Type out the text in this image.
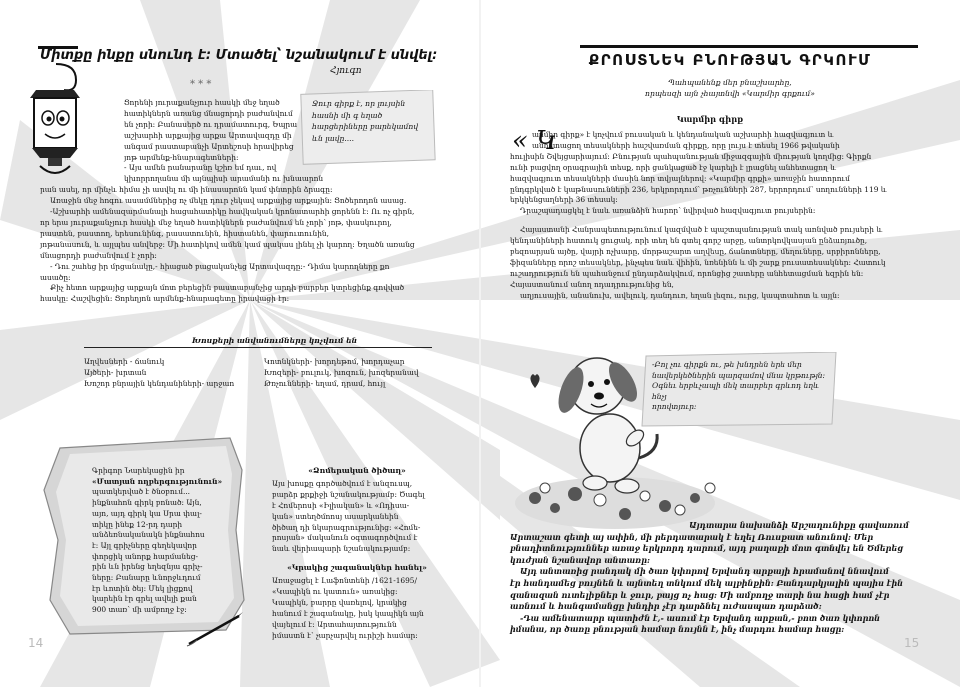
Միտքը ինքը սնունդ է։ Մտածել՝ նշանակում է սնվել։
Հյուգո
* * *
Ջուր գիրք է, որ լույսին
հասնի մի գ եղած
հարցերիները բարեկամով
ևն լավը....

Ցորենի յուրաքանչյուր հասկի մեջ եղած

հատիկներն առանց մնացորդի բաժանվում

են չորի։ Բանասերծ ու դրամատուրգ, Եպրա

աշխարհի արքայից արքա Արտավազդը մի

անգամ րաստաբանչի Արտեշոսի հրավիրեց

յոթ արմենք-հնարագետների։

- Այս ամեն րանարանը կշիռ եմ դաւ, ով

կխորրողանա մի այնպիսի արամանի ու խնաարոն

րան ասել, որ մինչև հիմա չի ասվել ու մի ինասարոնն կամ փնտրին ձրագը։

Առաջին մեջ հոգու ասամմներից ոչ մեկը դուր չեկավ արքայից արքային։ Ցոծերոդոն ասաց․

-Աշխարհի ամենազարմանալի հացահատիկը հավկական կրոնատարհի ցորենն է։ Ու ոչ գիրն,

որ երա յուրաքանչյուր հասկի մեջ եղած հատիկներն բաժանվում են չորի՝ յոթ, փասկուրոլ,

րաստեն, բաստող, երեսունինգ, րասատունին, հիստանեն, փարուտունին,

յոթանասուն, և այլպես անվերջ։ Մի հատիկով ամեն կամ պակաս լինել չի կարող։ Եղածն առանց

մնացորդի բաժանվում է չորի։

- Դու շահեց իր մրցանակը,- հիացած բացականչեց Արտավազդը։- Դիմա կարողները քո

ասածը։

Քիչ հետո արքայից արքայն մոտ բերեցին բաստաբանչից արդի բարբեր կտրեցինք գովված

հասկը։ Հաշվեցին։ Ցորեղյոն արմենք-հնարագետը իրավացի էր։

Խոսքերի անվանումները կոչվում են
Աղվեսների - ճանուկ
Այծերի- խրտան
Խոշոր բնրային կենդանիների- արջաո
Կոտնկների- խորդեթոմ, խորդաչար
Խոզերի- բուլուկ, խոզուն, խոզերանավ
Թռչունների- եղամ, դրամ, հույլ
Գրիգոր Նարեկացին իր
«Մատյան ողբերգությունուն»
պատկերված է ծնօբում...
ինքնահոն գիրկ բոնած։ Այն,
այո, այդ գիրկ կա Սրա փալ-
տիկը ինեք 12-րդ դարի
անձեռնականակն ինքնահոս
է։ Այլ գրիչները գեղեկավոր
փորցիկ անորք հարմանեց-
րին ևն իրենց եղեզնյա գրիչ-
ները։ Բանարը ևնորջևդում
էր ևոտին ծեյ։ Մեկ լիցքով
կարեին էր գրել ավելի քան
900 տառ՝ մի ամբողջ էջ։
«Ձոմերական ծիծաղ»
Այս խոսքը գործածվում է անզուսպ,
բարձր քրքիջի նշանակությամբ։ Ծագել
է Հոմերոսի «Իլիական» և «Ոդիսա-
կան» ստեղծմոոսյ ասարկանեին
ծիծաղ դի նկարագրությունից։ «Հոմե-
րոսյան» մականուն օգտագործվում է
նաև վերիապարի նշանակությամբ։
«Կրակից շագանակներ հանել»
Առաջացել է Լաֆոնտենի /1621-1695/
«Կապիկն ու կատուն» առակից։
Կապիկն, բարրը վառելով, կրակից
հանում է շագանակը, իսկ կապիկն այն
վայելում է։ Արտահայտությունն
իմաստն է՝ չարչարվել ուրիշի համար։
14
ՔՐՈՍՏՆԵԿ ԲՆՈՒԹՅԱՆ ԳՐԿՈՒՄ
Պահպանենք մեր բնաշխարհը,
որպեսզի այն չհայտնվի «Կարմիր գրքում»
Կարմիր գիրք
« Կ

արմիր գիրք» է կոչվում բուսական և կենդանական աշխարհի հազվագյուտ և

անհետացող տեսակների հաշվառման գիրքը, որը լույս է տեսել 1966 թվականի

հուլիսին Շվեյցարիայում: Բնության պահպանության միջազգային միության կողմից: Գիրքն

ունի բացվող օրագրային տեսք, որի ցանկացած էջ կարելի է լրացնել անհետացող և

հազվագյուտ տեսակների մասին նոր տվյալներով: «Կարմիր գրքի» առաջին հատորում

ընդգրկված է կաթնասունների 236, երկրորդում՝ թռչունների 287, երրորդում՝ սողունների 119 և

երկկենցաղների 36 տեսակ:

Դրաշպադացկել է նաև առանձին հարոր՝ նվիրված հազվագյուտ բույսերին:

Հայաստանի Հանրապետությունում կազմված է պաշտպանության տակ առնված բույսերի և

կենդանիների հատուկ ցուցակ, որի տեղ են գտել գորշ արջը, անտրկովկասյան ընձառյուծը,

բեզոարյան այծը, վայրի ոչխարը, մորթաշարտ աղվեսը, ճանոտները, մեղուները, սրբիրոնները,

ֆիզանները որոշ տեսակներ, ինչպես նաև վիհին, նռենինն և մի շարք բուսատեսակներ: Հատուկ

ուշադրություն են պահանջում ընդարձակվում, որոնցից շատերը անհետացման եզրին են:

Հայաստանում անող ոդադրությունից են,

աղյուսային, անանուխ, ավելուկ, դանդուռ, եղան լեզու, ուրց, կապտահոտ և այլն:

-Բոլ չու գիրքն ու, թե խնդրեն երե մեր
նավերկեծներին պարզամով մնա կրթությն:
Օգնեւ երբևչապի մեկ տարբեր գրևոդ եղև հնչյ
որովտյուր:

Այդտարա նախանձի Արշաղունիքը գավառում

Արտաշատ գետի այ ափին, մի րերդատարակ է եղել Ռուսքատ անունով: Մեր

բնադիտնություններ առաջ երկրորդ դարում, այդ բաղաքի մոտ գտնվել են Ծմերեց

կուժյան նշանավոր անտառը:

Այդ անտառից րանդակ մի ծառ կփորով Երվանդ արքայի հրամանով ննավում

էր հանդամեց բույնեն և այնտեղ տնկում մեկ ալբինքին: Բանդարկյալին պայիս էին

զանազան ուտելիքներ և ջուր, բայց ոչ հաց: Մի ամբողջ տարի նա հացի համ չէր

առնում և հանգամանցը խնդիր չէր դարձնել ուժասպառ դարձած:

-Դա ամենատարր պատիժն է,- ասում էր Երվանդ արքան,- բոտ ծառ կփորոն

իմանա, որ ծառը բնության համար նույնն է, ինչ մարդու համար հացը:

15
